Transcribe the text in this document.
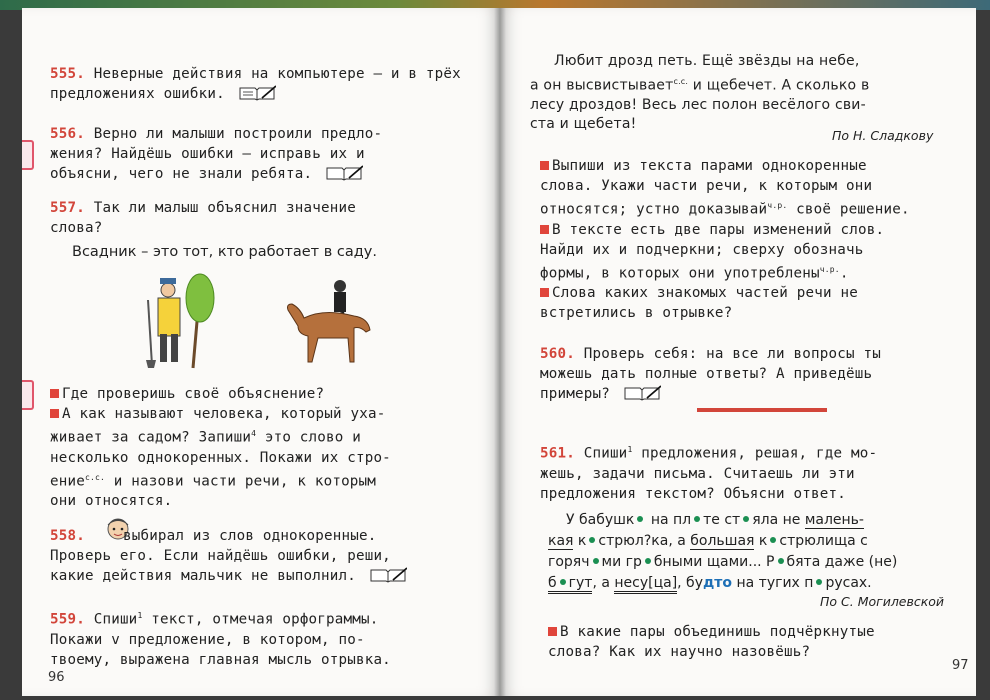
555. Неверные действия на компьютере – и в трёх предложениях ошибки.
556. Верно ли малыши построили предло-
жения? Найдёшь ошибки – исправь их и
объясни, чего не знали ребята.
557. Так ли малыш объяснил значение
слова?
Всадник – это тот, кто работает в саду.
Где проверишь своё объяснение?
А как называют человека, который уха-
живает за садом? Запиши$^4$ это слово и
несколько однокоренных. Покажи их стро-
ение$^{с.с.}$ и назови части речи, к которым
они относятся.
558.	выбирал из слов однокоренные.
Проверь его. Если найдёшь ошибки, реши,
какие действия мальчик не выполнил.
559. Спиши$^1$ текст, отмечая орфограммы.
Покажи v предложение, в котором, по-
твоему, выражена главная мысль отрывка.
96
Любит дрозд петь. Ещё звёзды на небе,
а он высвистывает$^{с.с.}$ и щебечет. А сколько в
лесу дроздов! Весь лес полон весёлого сви-
ста и щебета!
По Н. Сладкову
Выпиши из текста парами однокоренные
слова. Укажи части речи, к которым они
относятся; устно доказывай$^{ч.р.}$ своё решение.
В тексте есть две пары изменений слов.
Найди их и подчеркни; сверху обозначь
формы, в которых они употреблены$^{ч.р.}$.
Слова каких знакомых частей речи не
встретились в отрывке?
560. Проверь себя: на все ли вопросы ты
можешь дать полные ответы? А приведёшь
примеры?
561. Спиши$^1$ предложения, решая, где мо-
жешь, задачи письма. Считаешь ли эти
предложения текстом? Объясни ответ.
У бабушк на пл те ст яла не малень-
кая к стрюл?ка, а большая к стрюлища с
горяч ми гр бными щами... Р бята даже (не)
б гут, а несу[ца], будто на тугих п русах.
По С. Могилевской
В какие пары объединишь подчёркнутые
слова? Как их научно назовёшь?
97
